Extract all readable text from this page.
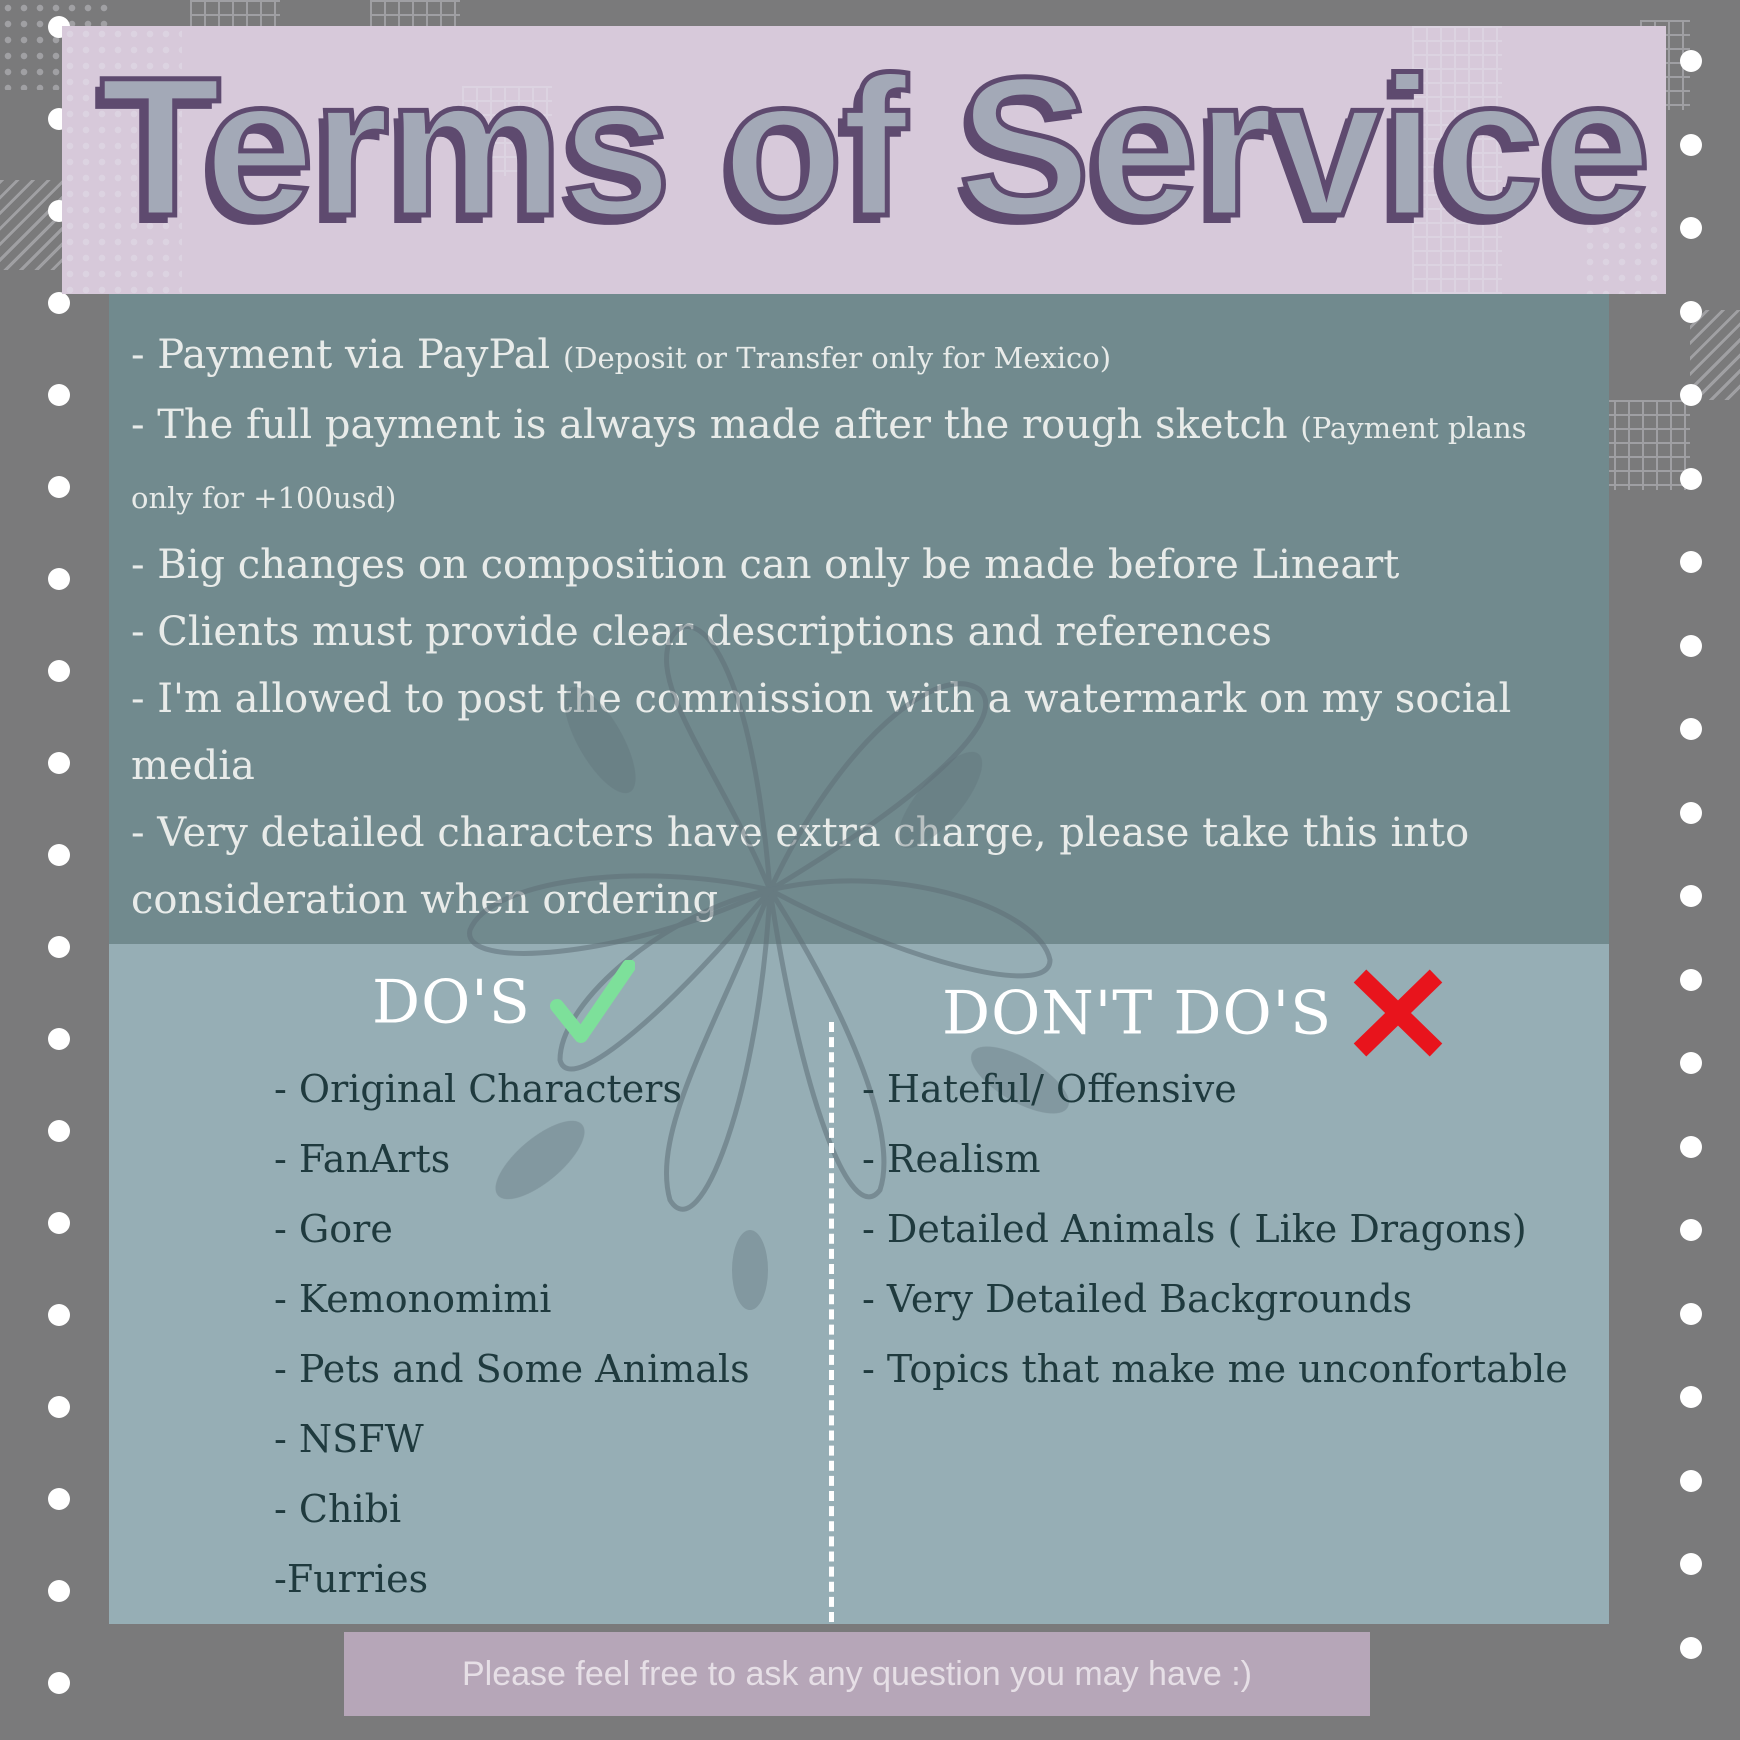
Terms of Service
- Payment via PayPal (Deposit or Transfer only for Mexico)
- The full payment is always made after the rough sketch (Payment plans only for +100usd)
- Big changes on composition can only be made before Lineart
- Clients must provide clear descriptions and references
- I'm allowed to post the commission with a watermark on my social media
- Very detailed characters have extra charge, please take this into consideration when ordering
DO'S	DON'T DO'S
- Original Characters
- FanArts
- Gore
- Kemonomimi
- Pets and Some Animals
- NSFW
- Chibi
-Furries
- Hateful/ Offensive
- Realism
- Detailed Animals ( Like Dragons)
- Very Detailed Backgrounds
- Topics that make me unconfortable
Please feel free to ask any question you may have :)
